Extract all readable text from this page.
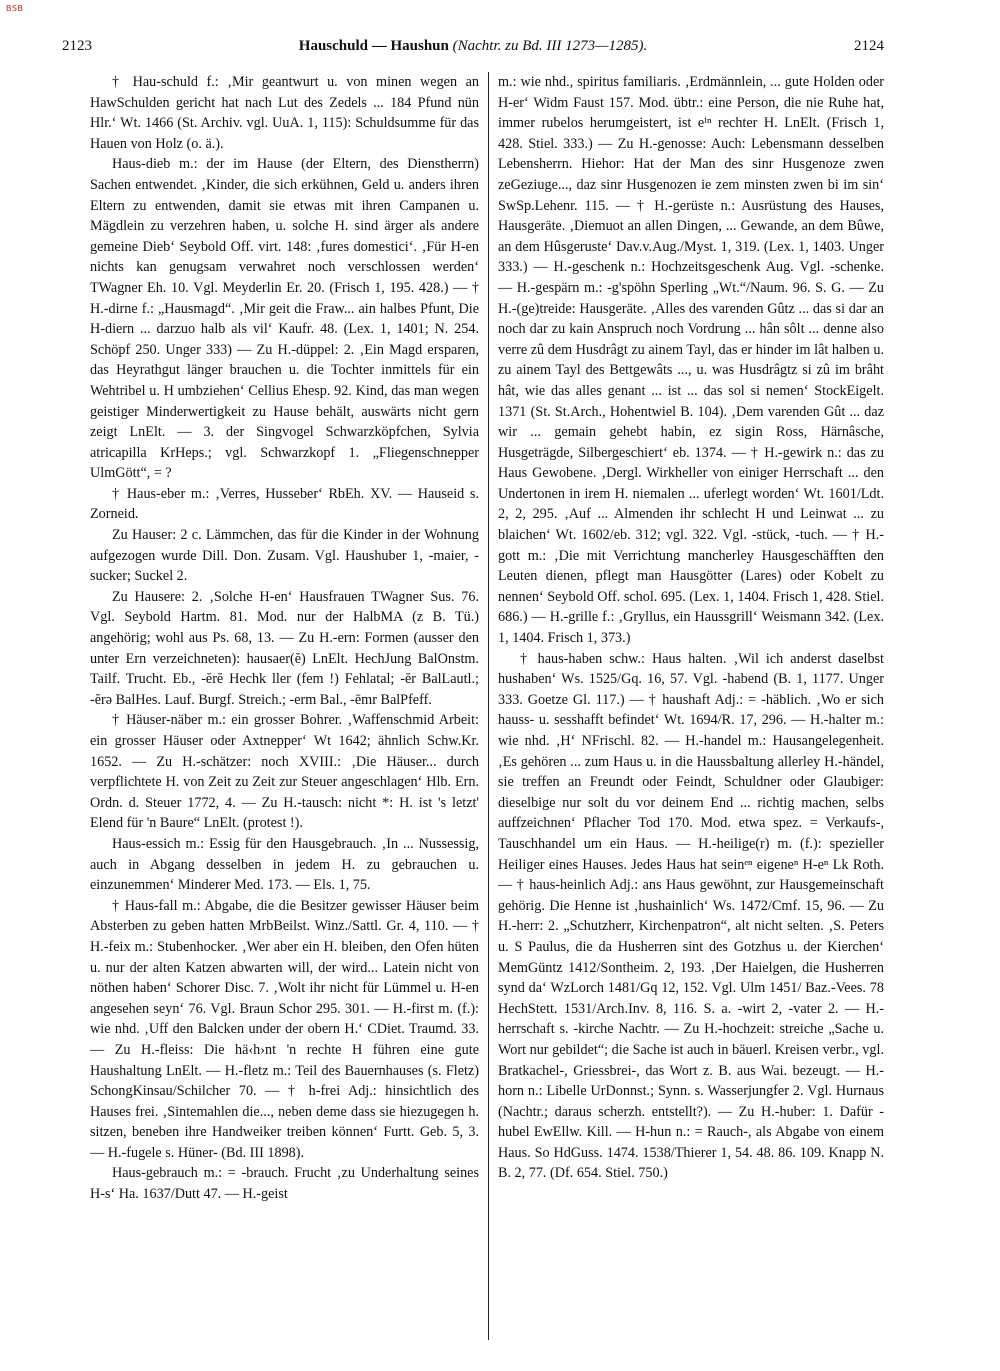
BSB
2123	Hauschuld — Haushun (Nachtr. zu Bd. III 1273—1285).	2124

† Hau-schuld f.: ‚Mir geantwurt u. von minen wegen an HawSchulden gericht hat nach Lut des Zedels ... 184 Pfund nün Hlr.‘ Wt. 1466 (St. Archiv. vgl. UuA. 1, 115): Schuldsumme für das Hauen von Holz (o. ä.).

Haus-dieb m.: der im Hause (der Eltern, des Dienstherrn) Sachen entwendet. ‚Kinder, die sich erkühnen, Geld u. anders ihren Eltern zu entwenden, damit sie etwas mit ihren Campanen u. Mägdlein zu verzehren haben, u. solche H. sind ärger als andere gemeine Dieb‘ Seybold Off. virt. 148: ‚fures domestici‘. ‚Für H-en nichts kan genugsam verwahret noch verschlossen werden‘ TWagner Eh. 10. Vgl. Meyderlin Er. 20. (Frisch 1, 195. 428.) — † H.-dirne f.: „Hausmagd“. ‚Mir geit die Fraw... ain halbes Pfunt, Die H-diern ... darzuo halb als vil‘ Kaufr. 48. (Lex. 1, 1401; N. 254. Schöpf 250. Unger 333) — Zu H.-düppel: 2. ‚Ein Magd ersparen, das Heyrathgut länger brauchen u. die Tochter inmittels für ein Wehtribel u. H umbziehen‘ Cellius Ehesp. 92. Kind, das man wegen geistiger Minderwertigkeit zu Hause behält, auswärts nicht gern zeigt LnElt. — 3. der Singvogel Schwarzköpfchen, Sylvia atricapilla KrHeps.; vgl. Schwarzkopf 1. „Fliegenschnepper UlmGött“, = ?

† Haus-eber m.: ‚Verres, Husseber‘ RbEh. XV. — Hauseid s. Zorneid.

Zu Hauser: 2 c. Lämmchen, das für die Kinder in der Wohnung aufgezogen wurde Dill. Don. Zusam. Vgl. Haushuber 1, -maier, -sucker; Suckel 2.

Zu Hausere: 2. ‚Solche H-en‘ Hausfrauen TWagner Sus. 76. Vgl. Seybold Hartm. 81. Mod. nur der HalbMA (z B. Tü.) angehörig; wohl aus Ps. 68, 13. — Zu H.-ern: Formen (ausser den unter Ern verzeichneten): hausaer(ĕ) LnElt. HechJung BalOnstm. Tailf. Trucht. Eb., -ĕrĕ Hechk ller (fem !) Fehlatal; -ĕr BalLautl.; -ĕrə BalHes. Lauf. Burgf. Streich.; -erm Bal., -ēmr BalPfeff.

† Häuser-näber m.: ein grosser Bohrer. ‚Waffenschmid Arbeit: ein grosser Häuser oder Axtnepper‘ Wt 1642; ähnlich Schw.Kr. 1652. — Zu H.-schätzer: noch XVIII.: ‚Die Häuser... durch verpflichtete H. von Zeit zu Zeit zur Steuer angeschlagen‘ Hlb. Ern. Ordn. d. Steuer 1772, 4. — Zu H.-tausch: nicht *: H. ist 's letzt' Elend für 'n Baure“ LnElt. (protest !).

Haus-essich m.: Essig für den Hausgebrauch. ‚In ... Nussessig, auch in Abgang desselben in jedem H. zu gebrauchen u. einzunemmen‘ Minderer Med. 173. — Els. 1, 75.

† Haus-fall m.: Abgabe, die die Besitzer gewisser Häuser beim Absterben zu geben hatten MrbBeilst. Winz./Sattl. Gr. 4, 110. — † H.-feix m.: Stubenhocker. ‚Wer aber ein H. bleiben, den Ofen hüten u. nur der alten Katzen abwarten will, der wird... Latein nicht von nöthen haben‘ Schorer Disc. 7. ‚Wolt ihr nicht für Lümmel u. H-en angesehen seyn‘ 76. Vgl. Braun Schor 295. 301. — H.-first m. (f.): wie nhd. ‚Uff den Balcken under der obern H.‘ CDiet. Traumd. 33. — Zu H.-fleiss: Die hä‹h›nt 'n rechte H führen eine gute Haushaltung LnElt. — H.-fletz m.: Teil des Bauernhauses (s. Fletz) SchongKinsau/Schilcher 70. — † h-frei Adj.: hinsichtlich des Hauses frei. ‚Sintemahlen die..., neben deme dass sie hiezugegen h. sitzen, beneben ihre Handweiker treiben können‘ Furtt. Geb. 5, 3. — H.-fugele s. Hüner- (Bd. III 1898).

Haus-gebrauch m.: = -brauch. Frucht ‚zu Underhaltung seines H-s‘ Ha. 1637/Dutt 47. — H.-geist

m.: wie nhd., spiritus familiaris. ‚Erdmännlein, ... gute Holden oder H-er‘ Widm Faust 157. Mod. übtr.: eine Person, die nie Ruhe hat, immer rubelos herumgeistert, ist eⁱⁿ rechter H. LnElt. (Frisch 1, 428. Stiel. 333.) — Zu H.-genosse: Auch: Lebensmann desselben Lebensherrn. Hiehor: Hat der Man des sinr Husgenoze zwen zeGeziuge..., daz sinr Husgenozen ie zem minsten zwen bi im sin‘ SwSp.Lehenr. 115. — † H.-gerüste n.: Ausrüstung des Hauses, Hausgeräte. ‚Diemuot an allen Dingen, ... Gewande, an dem Bûwe, an dem Hûsgeruste‘ Dav.v.Aug./Myst. 1, 319. (Lex. 1, 1403. Unger 333.) — H.-geschenk n.: Hochzeitsgeschenk Aug. Vgl. -schenke. — H.-gespärn m.: -g'spöhn Sperling „Wt.“/Naum. 96. S. G. — Zu H.-(ge)treide: Hausgeräte. ‚Alles des varenden Gûtz ... das si dar an noch dar zu kain Anspruch noch Vordrung ... hân sôlt ... denne also verre zû dem Husdrâgt zu ainem Tayl, das er hinder im lât halben u. zu ainem Tayl des Bettgewâts ..., u. was Husdrâgtz si zû im brâht hât, wie das alles genant ... ist ... das sol si nemen‘ StockEigelt. 1371 (St. St.Arch., Hohentwiel B. 104). ‚Dem varenden Gût ... daz wir ... gemain gehebt habin, ez sigin Ross, Härnâsche, Husgeträgde, Silbergeschiert‘ eb. 1374. — † H.-gewirk n.: das zu Haus Gewobene. ‚Dergl. Wirkheller von einiger Herrschaft ... den Undertonen in irem H. niemalen ... uferlegt worden‘ Wt. 1601/Ldt. 2, 2, 295. ‚Auf ... Almenden ihr schlecht H und Leinwat ... zu blaichen‘ Wt. 1602/eb. 312; vgl. 322. Vgl. -stück, -tuch. — † H.-gott m.: ‚Die mit Verrichtung mancherley Hausgeschäfften den Leuten dienen, pflegt man Hausgötter (Lares) oder Kobelt zu nennen‘ Seybold Off. schol. 695. (Lex. 1, 1404. Frisch 1, 428. Stiel. 686.) — H.-grille f.: ‚Gryllus, ein Haussgrill‘ Weismann 342. (Lex. 1, 1404. Frisch 1, 373.)

† haus-haben schw.: Haus halten. ‚Wil ich anderst daselbst hushaben‘ Ws. 1525/Gq. 16, 57. Vgl. -habend (B. 1, 1177. Unger 333. Goetze Gl. 117.) — † haushaft Adj.: = -häblich. ‚Wo er sich hauss- u. sesshafft befindet‘ Wt. 1694/R. 17, 296. — H.-halter m.: wie nhd. ‚H‘ NFrischl. 82. — H.-handel m.: Hausangelegenheit. ‚Es gehören ... zum Haus u. in die Haussbaltung allerley H.-händel, sie treffen an Freundt oder Feindt, Schuldner oder Glaubiger: dieselbige nur solt du vor deinem End ... richtig machen, selbs auffzeichnen‘ Pflacher Tod 170. Mod. etwa spez. = Verkaufs-, Tauschhandel um ein Haus. — H.-heilige(r) m. (f.): spezieller Heiliger eines Hauses. Jedes Haus hat seinᵉⁿ eigeneⁿ H-eⁿ Lk Roth. — † haus-heinlich Adj.: ans Haus gewöhnt, zur Hausgemeinschaft gehörig. Die Henne ist ‚hushainlich‘ Ws. 1472/Cmf. 15, 96. — Zu H.-herr: 2. „Schutzherr, Kirchenpatron“, alt nicht selten. ‚S. Peters u. S Paulus, die da Husherren sint des Gotzhus u. der Kierchen‘ MemGüntz 1412/Sontheim. 2, 193. ‚Der Haielgen, die Husherren synd da‘ WzLorch 1481/Gq 12, 152. Vgl. Ulm 1451/ Baz.-Vees. 78 HechStett. 1531/Arch.Inv. 8, 116. S. a. -wirt 2, -vater 2. — H.-herrschaft s. -kirche Nachtr. — Zu H.-hochzeit: streiche „Sache u. Wort nur gebildet“; die Sache ist auch in bäuerl. Kreisen verbr., vgl. Bratkachel-, Griessbrei-, das Wort z. B. aus Wai. bezeugt. — H.-horn n.: Libelle UrDonnst.; Synn. s. Wasserjungfer 2. Vgl. Hurnaus (Nachtr.; daraus scherzh. entstellt?). — Zu H.-huber: 1. Dafür -hubel EwEllw. Kill. — H-hun n.: = Rauch-, als Abgabe von einem Haus. So HdGuss. 1474. 1538/Thierer 1, 54. 48. 86. 109. Knapp N. B. 2, 77. (Df. 654. Stiel. 750.)
